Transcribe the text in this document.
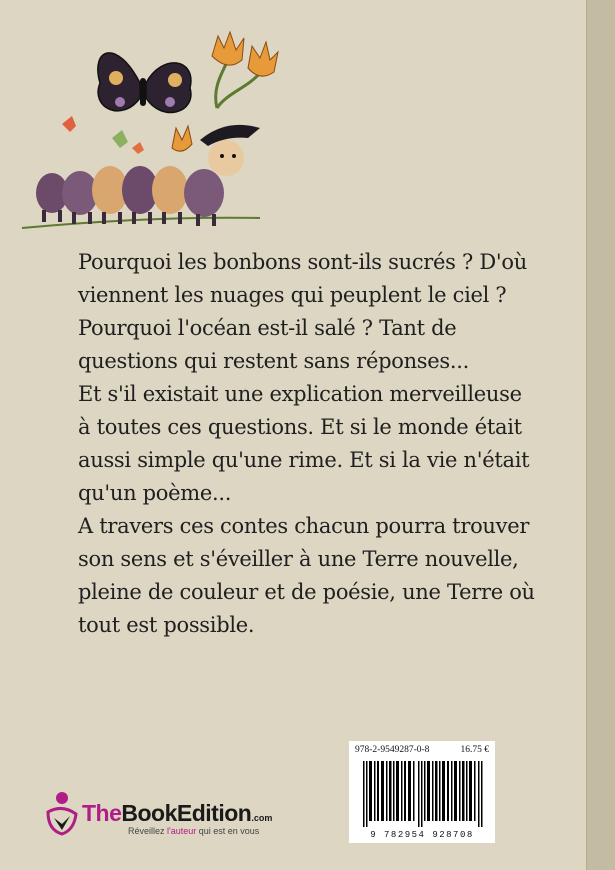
Pourquoi les bonbons sont-ils sucrés ? D'où viennent les nuages qui peuplent le ciel ? Pourquoi l'océan est-il salé ? Tant de questions qui restent sans réponses...

Et s'il existait une explication merveilleuse à toutes ces questions. Et si le monde était aussi simple qu'une rime. Et si la vie n'était qu'un poème...

A travers ces contes chacun pourra trouver son sens et s'éveiller à une Terre nouvelle, pleine de couleur et de poésie, une Terre où tout est possible.

978-2-9549287-0-8	16.75 €
9 782954 928708
TheBookEdition.com
Réveillez l'auteur qui est en vous
